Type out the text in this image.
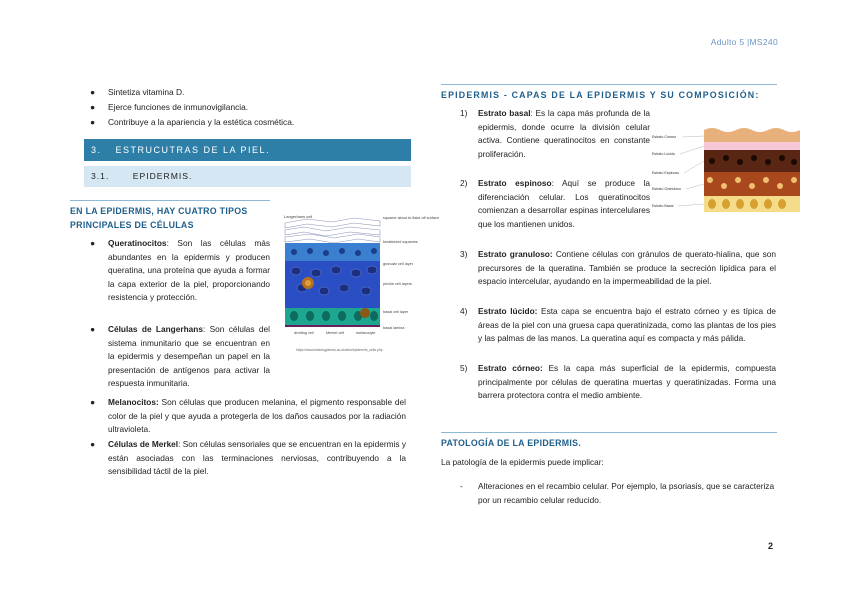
Adulto 5 |MS240
● Sintetiza vitamina D.
● Ejerce funciones de inmunovigilancia.
● Contribuye a la apariencia y la estética cosmética.
3. ESTRUCUTRAS DE LA PIEL.
3.1.	EPIDERMIS.
EN LA EPIDERMIS, HAY CUATRO TIPOS
PRINCIPALES DE CÉLULAS
Langerhans cell	squame about to flake off surface
keratinized squames
granular cell layer
prickle cell layers
basal cell layer
basal lamina
dividing cell	Merkel cell	melanocyte
https://www.histologyleeds.ac.uk/skin/epidermis_cells.php
● Queratinocitos: Son las células más abundantes en la epidermis y producen queratina, una proteína que ayuda a formar la capa exterior de la piel, proporcionando resistencia y protección.
● Células de Langerhans: Son células del sistema inmunitario que se encuentran en la epidermis y desempeñan un papel en la presentación de antígenos para activar la respuesta inmunitaria.
● Melanocitos: Son células que producen melanina, el pigmento responsable del color de la piel y que ayuda a protegerla de los daños causados por la radiación ultravioleta.
● Células de Merkel: Son células sensoriales que se encuentran en la epidermis y están asociadas con las terminaciones nerviosas, contribuyendo a la sensibilidad táctil de la piel.
EPIDERMIS - CAPAS DE LA EPIDERMIS Y SU COMPOSICIÓN:
Estrato Córneo
Estrato Lúcido
Estrato Espinoso
Estrato Granuloso
Estrato Basal
1) Estrato basal: Es la capa más profunda de la epidermis, donde ocurre la división celular activa. Contiene queratinocitos en constante proliferación.
2) Estrato espinoso: Aquí se produce la diferenciación celular. Los queratinocitos comienzan a desarrollar espinas intercelulares que los mantienen unidos.
3) Estrato granuloso: Contiene células con gránulos de querato-hialina, que son precursores de la queratina. También se produce la secreción lipídica para el espacio intercelular, ayudando en la impermeabilidad de la piel.
4) Estrato lúcido: Esta capa se encuentra bajo el estrato córneo y es típica de áreas de la piel con una gruesa capa queratinizada, como las plantas de los pies y las palmas de las manos. La queratina aquí es compacta y más pálida.
5) Estrato córneo: Es la capa más superficial de la epidermis, compuesta principalmente por células de queratina muertas y queratinizadas. Forma una barrera protectora contra el medio ambiente.
PATOLOGÍA DE LA EPIDERMIS.
La patología de la epidermis puede implicar:
- Alteraciones en el recambio celular. Por ejemplo, la psoriasis, que se caracteriza por un recambio celular reducido.
2
